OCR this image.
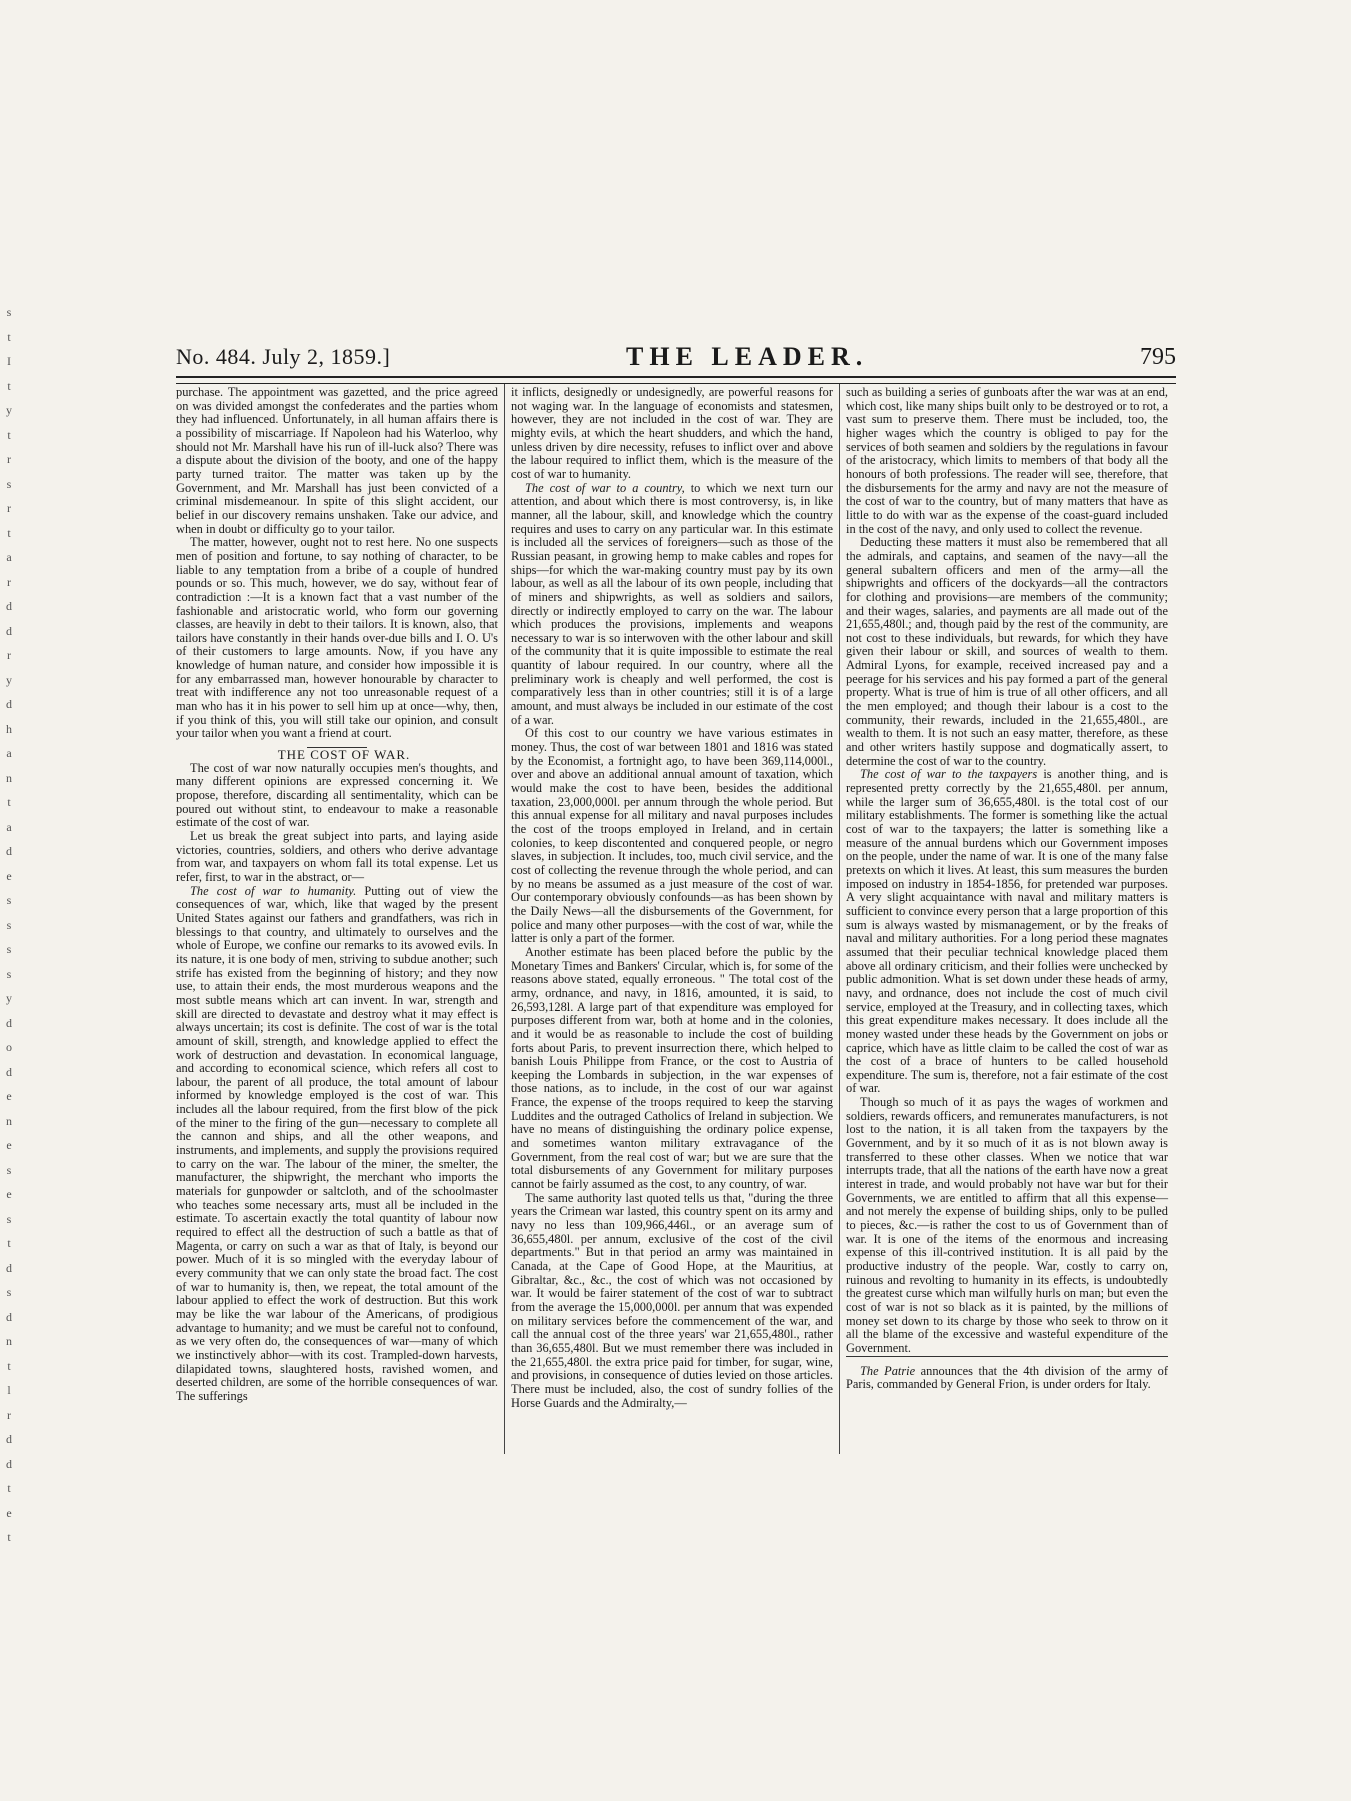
s
t
I
t
y
t
r
s
r
t
a
r
d
d
r
y
d
h
a
n
t
a
d
e
s
s
s
s
y
d
o
d
e
n
e
s
e
s
t
d
s
d
n
t
l
r
d
d
t
e
t
No. 484. July 2, 1859.]	THE LEADER.	795

purchase. The appointment was gazetted, and the price agreed on was divided amongst the confederates and the parties whom they had influenced. Unfortunately, in all human affairs there is a possibility of miscarriage. If Napoleon had his Waterloo, why should not Mr. Marshall have his run of ill-luck also? There was a dispute about the division of the booty, and one of the happy party turned traitor. The matter was taken up by the Government, and Mr. Marshall has just been convicted of a criminal misdemeanour. In spite of this slight accident, our belief in our discovery remains unshaken. Take our advice, and when in doubt or difficulty go to your tailor.

The matter, however, ought not to rest here. No one suspects men of position and fortune, to say nothing of character, to be liable to any temptation from a bribe of a couple of hundred pounds or so. This much, however, we do say, without fear of contradiction :—It is a known fact that a vast number of the fashionable and aristocratic world, who form our governing classes, are heavily in debt to their tailors. It is known, also, that tailors have constantly in their hands over-due bills and I. O. U's of their customers to large amounts. Now, if you have any knowledge of human nature, and consider how impossible it is for any embarrassed man, however honourable by character to treat with indifference any not too unreasonable request of a man who has it in his power to sell him up at once—why, then, if you think of this, you will still take our opinion, and consult your tailor when you want a friend at court.

THE COST OF WAR.

The cost of war now naturally occupies men's thoughts, and many different opinions are expressed concerning it. We propose, therefore, discarding all sentimentality, which can be poured out without stint, to endeavour to make a reasonable estimate of the cost of war.

Let us break the great subject into parts, and laying aside victories, countries, soldiers, and others who derive advantage from war, and taxpayers on whom fall its total expense. Let us refer, first, to war in the abstract, or—

The cost of war to humanity. Putting out of view the consequences of war, which, like that waged by the present United States against our fathers and grandfathers, was rich in blessings to that country, and ultimately to ourselves and the whole of Europe, we confine our remarks to its avowed evils. In its nature, it is one body of men, striving to subdue another; such strife has existed from the beginning of history; and they now use, to attain their ends, the most murderous weapons and the most subtle means which art can invent. In war, strength and skill are directed to devastate and destroy what it may effect is always uncertain; its cost is definite. The cost of war is the total amount of skill, strength, and knowledge applied to effect the work of destruction and devastation. In economical language, and according to economical science, which refers all cost to labour, the parent of all produce, the total amount of labour informed by knowledge employed is the cost of war. This includes all the labour required, from the first blow of the pick of the miner to the firing of the gun—necessary to complete all the cannon and ships, and all the other weapons, and instruments, and implements, and supply the provisions required to carry on the war. The labour of the miner, the smelter, the manufacturer, the shipwright, the merchant who imports the materials for gunpowder or saltcloth, and of the schoolmaster who teaches some necessary arts, must all be included in the estimate. To ascertain exactly the total quantity of labour now required to effect all the destruction of such a battle as that of Magenta, or carry on such a war as that of Italy, is beyond our power. Much of it is so mingled with the everyday labour of every community that we can only state the broad fact. The cost of war to humanity is, then, we repeat, the total amount of the labour applied to effect the work of destruction. But this work may be like the war labour of the Americans, of prodigious advantage to humanity; and we must be careful not to confound, as we very often do, the consequences of war—many of which we instinctively abhor—with its cost. Trampled-down harvests, dilapidated towns, slaughtered hosts, ravished women, and deserted children, are some of the horrible consequences of war. The sufferings

it inflicts, designedly or undesignedly, are powerful reasons for not waging war. In the language of economists and statesmen, however, they are not included in the cost of war. They are mighty evils, at which the heart shudders, and which the hand, unless driven by dire necessity, refuses to inflict over and above the labour required to inflict them, which is the measure of the cost of war to humanity.

The cost of war to a country, to which we next turn our attention, and about which there is most controversy, is, in like manner, all the labour, skill, and knowledge which the country requires and uses to carry on any particular war. In this estimate is included all the services of foreigners—such as those of the Russian peasant, in growing hemp to make cables and ropes for ships—for which the war-making country must pay by its own labour, as well as all the labour of its own people, including that of miners and shipwrights, as well as soldiers and sailors, directly or indirectly employed to carry on the war. The labour which produces the provisions, implements and weapons necessary to war is so interwoven with the other labour and skill of the community that it is quite impossible to estimate the real quantity of labour required. In our country, where all the preliminary work is cheaply and well performed, the cost is comparatively less than in other countries; still it is of a large amount, and must always be included in our estimate of the cost of a war.

Of this cost to our country we have various estimates in money. Thus, the cost of war between 1801 and 1816 was stated by the Economist, a fortnight ago, to have been 369,114,000l., over and above an additional annual amount of taxation, which would make the cost to have been, besides the additional taxation, 23,000,000l. per annum through the whole period. But this annual expense for all military and naval purposes includes the cost of the troops employed in Ireland, and in certain colonies, to keep discontented and conquered people, or negro slaves, in subjection. It includes, too, much civil service, and the cost of collecting the revenue through the whole period, and can by no means be assumed as a just measure of the cost of war. Our contemporary obviously confounds—as has been shown by the Daily News—all the disbursements of the Government, for police and many other purposes—with the cost of war, while the latter is only a part of the former.

Another estimate has been placed before the public by the Monetary Times and Bankers' Circular, which is, for some of the reasons above stated, equally erroneous. " The total cost of the army, ordnance, and navy, in 1816, amounted, it is said, to 26,593,128l. A large part of that expenditure was employed for purposes different from war, both at home and in the colonies, and it would be as reasonable to include the cost of building forts about Paris, to prevent insurrection there, which helped to banish Louis Philippe from France, or the cost to Austria of keeping the Lombards in subjection, in the war expenses of those nations, as to include, in the cost of our war against France, the expense of the troops required to keep the starving Luddites and the outraged Catholics of Ireland in subjection. We have no means of distinguishing the ordinary police expense, and sometimes wanton military extravagance of the Government, from the real cost of war; but we are sure that the total disbursements of any Government for military purposes cannot be fairly assumed as the cost, to any country, of war.

The same authority last quoted tells us that, "during the three years the Crimean war lasted, this country spent on its army and navy no less than 109,966,446l., or an average sum of 36,655,480l. per annum, exclusive of the cost of the civil departments." But in that period an army was maintained in Canada, at the Cape of Good Hope, at the Mauritius, at Gibraltar, &c., &c., the cost of which was not occasioned by war. It would be fairer statement of the cost of war to subtract from the average the 15,000,000l. per annum that was expended on military services before the commencement of the war, and call the annual cost of the three years' war 21,655,480l., rather than 36,655,480l. But we must remember there was included in the 21,655,480l. the extra price paid for timber, for sugar, wine, and provisions, in consequence of duties levied on those articles. There must be included, also, the cost of sundry follies of the Horse Guards and the Admiralty,—

such as building a series of gunboats after the war was at an end, which cost, like many ships built only to be destroyed or to rot, a vast sum to preserve them. There must be included, too, the higher wages which the country is obliged to pay for the services of both seamen and soldiers by the regulations in favour of the aristocracy, which limits to members of that body all the honours of both professions. The reader will see, therefore, that the disbursements for the army and navy are not the measure of the cost of war to the country, but of many matters that have as little to do with war as the expense of the coast-guard included in the cost of the navy, and only used to collect the revenue.

Deducting these matters it must also be remembered that all the admirals, and captains, and seamen of the navy—all the general subaltern officers and men of the army—all the shipwrights and officers of the dockyards—all the contractors for clothing and provisions—are members of the community; and their wages, salaries, and payments are all made out of the 21,655,480l.; and, though paid by the rest of the community, are not cost to these individuals, but rewards, for which they have given their labour or skill, and sources of wealth to them. Admiral Lyons, for example, received increased pay and a peerage for his services and his pay formed a part of the general property. What is true of him is true of all other officers, and all the men employed; and though their labour is a cost to the community, their rewards, included in the 21,655,480l., are wealth to them. It is not such an easy matter, therefore, as these and other writers hastily suppose and dogmatically assert, to determine the cost of war to the country.

The cost of war to the taxpayers is another thing, and is represented pretty correctly by the 21,655,480l. per annum, while the larger sum of 36,655,480l. is the total cost of our military establishments. The former is something like the actual cost of war to the taxpayers; the latter is something like a measure of the annual burdens which our Government imposes on the people, under the name of war. It is one of the many false pretexts on which it lives. At least, this sum measures the burden imposed on industry in 1854-1856, for pretended war purposes. A very slight acquaintance with naval and military matters is sufficient to convince every person that a large proportion of this sum is always wasted by mismanagement, or by the freaks of naval and military authorities. For a long period these magnates assumed that their peculiar technical knowledge placed them above all ordinary criticism, and their follies were unchecked by public admonition. What is set down under these heads of army, navy, and ordnance, does not include the cost of much civil service, employed at the Treasury, and in collecting taxes, which this great expenditure makes necessary. It does include all the money wasted under these heads by the Government on jobs or caprice, which have as little claim to be called the cost of war as the cost of a brace of hunters to be called household expenditure. The sum is, therefore, not a fair estimate of the cost of war.

Though so much of it as pays the wages of workmen and soldiers, rewards officers, and remunerates manufacturers, is not lost to the nation, it is all taken from the taxpayers by the Government, and by it so much of it as is not blown away is transferred to these other classes. When we notice that war interrupts trade, that all the nations of the earth have now a great interest in trade, and would probably not have war but for their Governments, we are entitled to affirm that all this expense—and not merely the expense of building ships, only to be pulled to pieces, &c.—is rather the cost to us of Government than of war. It is one of the items of the enormous and increasing expense of this ill-contrived institution. It is all paid by the productive industry of the people. War, costly to carry on, ruinous and revolting to humanity in its effects, is undoubtedly the greatest curse which man wilfully hurls on man; but even the cost of war is not so black as it is painted, by the millions of money set down to its charge by those who seek to throw on it all the blame of the excessive and wasteful expenditure of the Government.

The Patrie announces that the 4th division of the army of Paris, commanded by General Frion, is under orders for Italy.
